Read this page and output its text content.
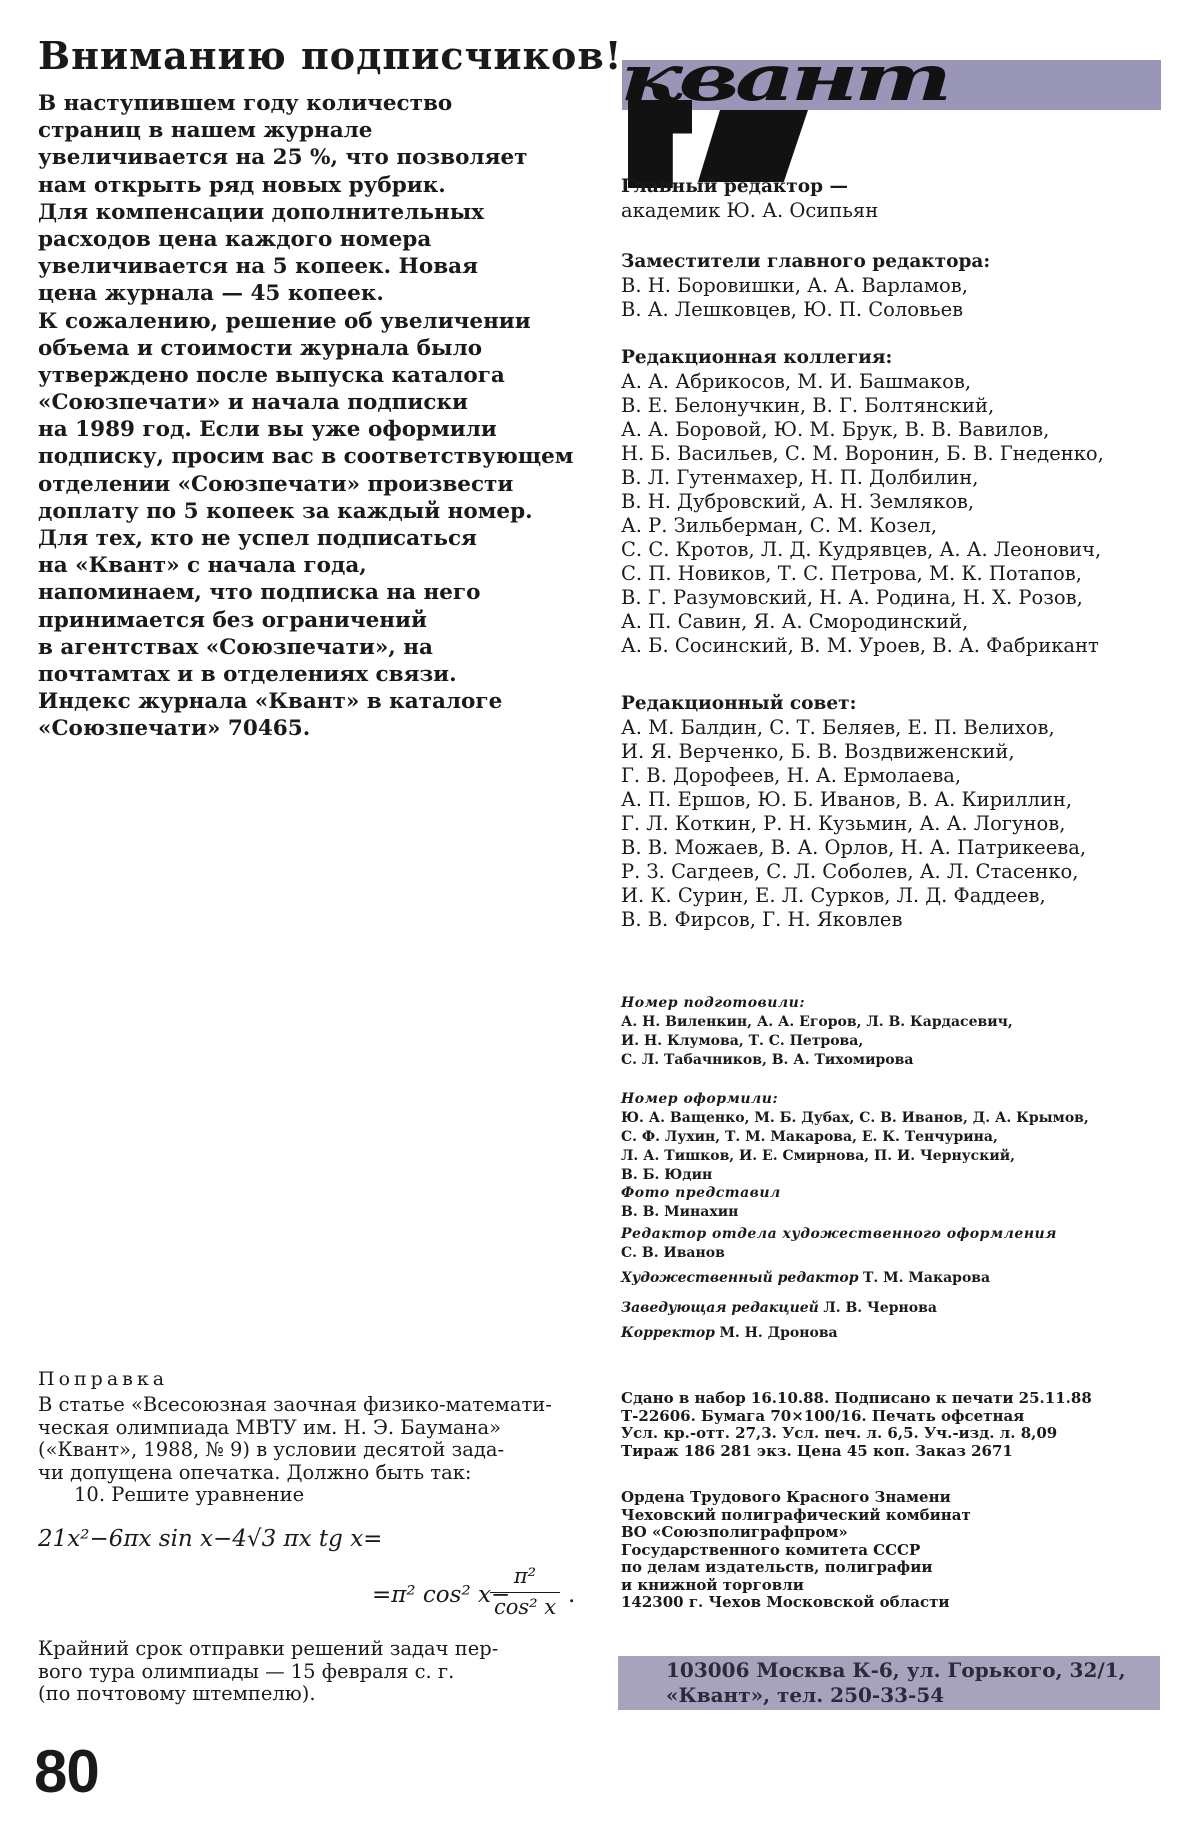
Вниманию подписчиков!

В наступившем году количество

страниц в нашем журнале

увеличивается на 25 %, что позволяет

нам открыть ряд новых рубрик.

Для компенсации дополнительных

расходов цена каждого номера

увеличивается на 5 копеек. Новая

цена журнала — 45 копеек.

К сожалению, решение об увеличении

объема и стоимости журнала было

утверждено после выпуска каталога

«Союзпечати» и начала подписки

на 1989 год. Если вы уже оформили

подписку, просим вас в соответствующем

отделении «Союзпечати» произвести

доплату по 5 копеек за каждый номер.

Для тех, кто не успел подписаться

на «Квант» с начала года,

напоминаем, что подписка на него

принимается без ограничений

в агентствах «Союзпечати», на

почтамтах и в отделениях связи.

Индекс журнала «Квант» в каталоге

«Союзпечати» 70465.

Поправка

В статье «Всесоюзная заочная физико-математи-

ческая олимпиада МВТУ им. Н. Э. Баумана»

(«Квант», 1988, № 9) в условии десятой зада-

чи допущена опечатка. Должно быть так:

10. Решите уравнение

21x²−6πx sin x−4√3 πx tg x=
=π² cos² x−
$\frac{\text{π²}}{\text{cos² x}}$ .

Крайний срок отправки решений задач пер-

вого тура олимпиады — 15 февраля с. г.

(по почтовому штемпелю).

80
квант

Главный редактор —

академик Ю. А. Осипьян

Заместители главного редактора:

В. Н. Боровишки, А. А. Варламов,

В. А. Лешковцев, Ю. П. Соловьев

Редакционная коллегия:

А. А. Абрикосов, М. И. Башмаков,

В. Е. Белонучкин, В. Г. Болтянский,

А. А. Боровой, Ю. М. Брук, В. В. Вавилов,

Н. Б. Васильев, С. М. Воронин, Б. В. Гнеденко,

В. Л. Гутенмахер, Н. П. Долбилин,

В. Н. Дубровский, А. Н. Земляков,

А. Р. Зильберман, С. М. Козел,

С. С. Кротов, Л. Д. Кудрявцев, А. А. Леонович,

С. П. Новиков, Т. С. Петрова, М. К. Потапов,

В. Г. Разумовский, Н. А. Родина, Н. Х. Розов,

А. П. Савин, Я. А. Смородинский,

А. Б. Сосинский, В. М. Уроев, В. А. Фабрикант

Редакционный совет:

А. М. Балдин, С. Т. Беляев, Е. П. Велихов,

И. Я. Верченко, Б. В. Воздвиженский,

Г. В. Дорофеев, Н. А. Ермолаева,

А. П. Ершов, Ю. Б. Иванов, В. А. Кириллин,

Г. Л. Коткин, Р. Н. Кузьмин, А. А. Логунов,

В. В. Можаев, В. А. Орлов, Н. А. Патрикеева,

Р. З. Сагдеев, С. Л. Соболев, А. Л. Стасенко,

И. К. Сурин, Е. Л. Сурков, Л. Д. Фаддеев,

В. В. Фирсов, Г. Н. Яковлев

Номер подготовили:

А. Н. Виленкин, А. А. Егоров, Л. В. Кардасевич,

И. Н. Клумова, Т. С. Петрова,

С. Л. Табачников, В. А. Тихомирова

Номер оформили:

Ю. А. Ващенко, М. Б. Дубах, С. В. Иванов, Д. А. Крымов,

С. Ф. Лухин, Т. М. Макарова, Е. К. Тенчурина,

Л. А. Тишков, И. Е. Смирнова, П. И. Чернуский,

В. Б. Юдин

Фото представил

В. В. Минахин

Редактор отдела художественного оформления

С. В. Иванов

Художественный редактор Т. М. Макарова
Заведующая редакцией Л. В. Чернова
Корректор М. Н. Дронова

Сдано в набор 16.10.88. Подписано к печати 25.11.88

Т-22606. Бумага 70×100/16. Печать офсетная

Усл. кр.-отт. 27,3. Усл. печ. л. 6,5. Уч.-изд. л. 8,09

Тираж 186 281 экз. Цена 45 коп. Заказ 2671

Ордена Трудового Красного Знамени

Чеховский полиграфический комбинат

ВО «Союзполиграфпром»

Государственного комитета СССР

по делам издательств, полиграфии

и книжной торговли

142300 г. Чехов Московской области

103006 Москва К-6, ул. Горького, 32/1,
«Квант», тел. 250-33-54
